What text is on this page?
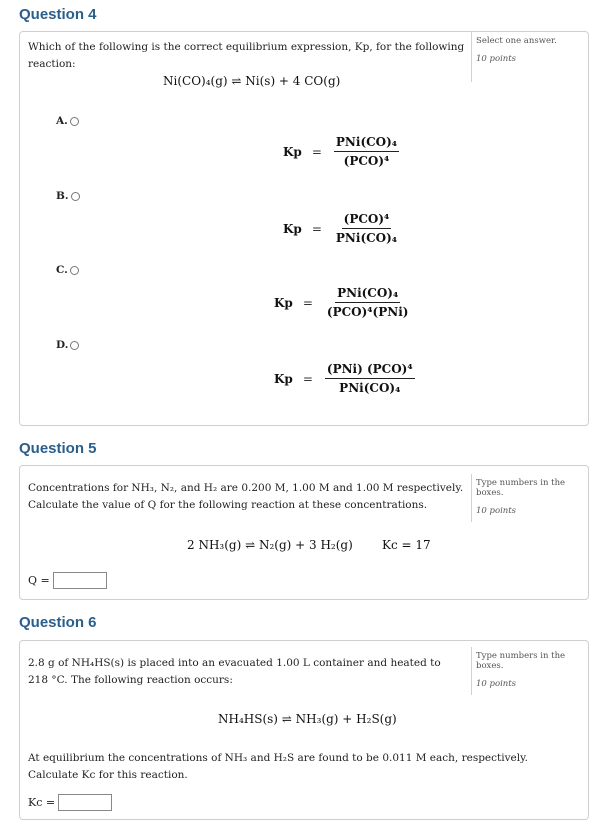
Question 4
Which of the following is the correct equilibrium expression, Kp, for the following reaction:
Select one answer.
10 points
Ni(CO)₄(g) ⇌ Ni(s) + 4 CO(g)
A.
$Kp = \frac{\text{PNi(CO)₄}}{\text{(PCO)⁴}}$
B.
$Kp = \frac{\text{(PCO)⁴}}{\text{PNi(CO)₄}}$
C.
$Kp = \frac{\text{PNi(CO)₄}}{\text{(PCO)⁴(PNi)}}$
D.
$Kp = \frac{\text{(PNi) (PCO)⁴}}{\text{PNi(CO)₄}}$
Question 5
Concentrations for NH₃, N₂, and H₂ are 0.200 M, 1.00 M and 1.00 M respectively. Calculate the value of Q for the following reaction at these concentrations.
Type numbers in the boxes.
10 points
2 NH₃(g) ⇌ N₂(g) + 3 H₂(g) Kc = 17
Q =
Question 6
2.8 g of NH₄HS(s) is placed into an evacuated 1.00 L container and heated to 218 °C. The following reaction occurs:
Type numbers in the boxes.
10 points
NH₄HS(s) ⇌ NH₃(g) + H₂S(g)
At equilibrium the concentrations of NH₃ and H₂S are found to be 0.011 M each, respectively. Calculate Kc for this reaction.
Kc =
